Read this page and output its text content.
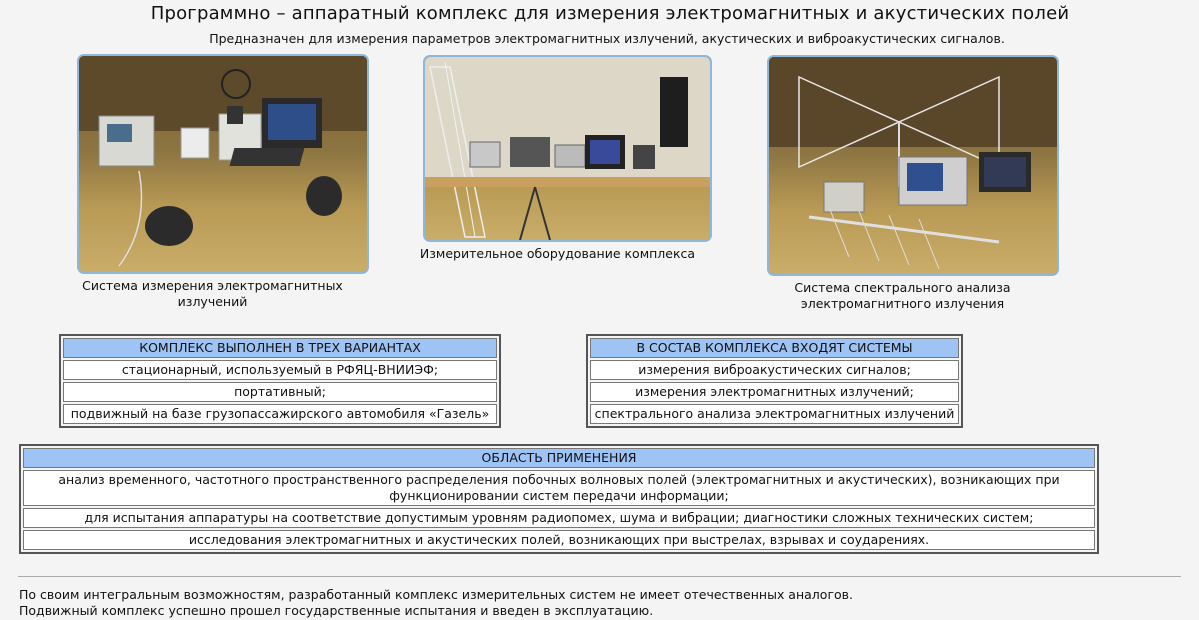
Программно – аппаратный комплекс для измерения электромагнитных и акустических полей
Предназначен для измерения параметров электромагнитных излучений, акустических и виброакустических сигналов.
Система измерения электромагнитных
излучений
Измерительное оборудование комплекса
Система спектрального анализа
электромагнитного излучения
КОМПЛЕКС ВЫПОЛНЕН В ТРЕХ ВАРИАНТАХ
стационарный, используемый в РФЯЦ-ВНИИЭФ;
портативный;
подвижный на базе грузопассажирского автомобиля «Газель»
В СОСТАВ КОМПЛЕКСА ВХОДЯТ СИСТЕМЫ
измерения виброакустических сигналов;
измерения электромагнитных излучений;
спектрального анализа электромагнитных излучений
ОБЛАСТЬ ПРИМЕНЕНИЯ
анализ временного, частотного пространственного распределения побочных волновых полей (электромагнитных и акустических), возникающих при функционировании систем передачи информации;
для испытания аппаратуры на соответствие допустимым уровням радиопомех, шума и вибрации; диагностики сложных технических систем;
исследования электромагнитных и акустических полей, возникающих при выстрелах, взрывах и соударениях.
По своим интегральным возможностям, разработанный комплекс измерительных систем не имеет отечественных аналогов.
Подвижный комплекс успешно прошел государственные испытания и введен в эксплуатацию.
